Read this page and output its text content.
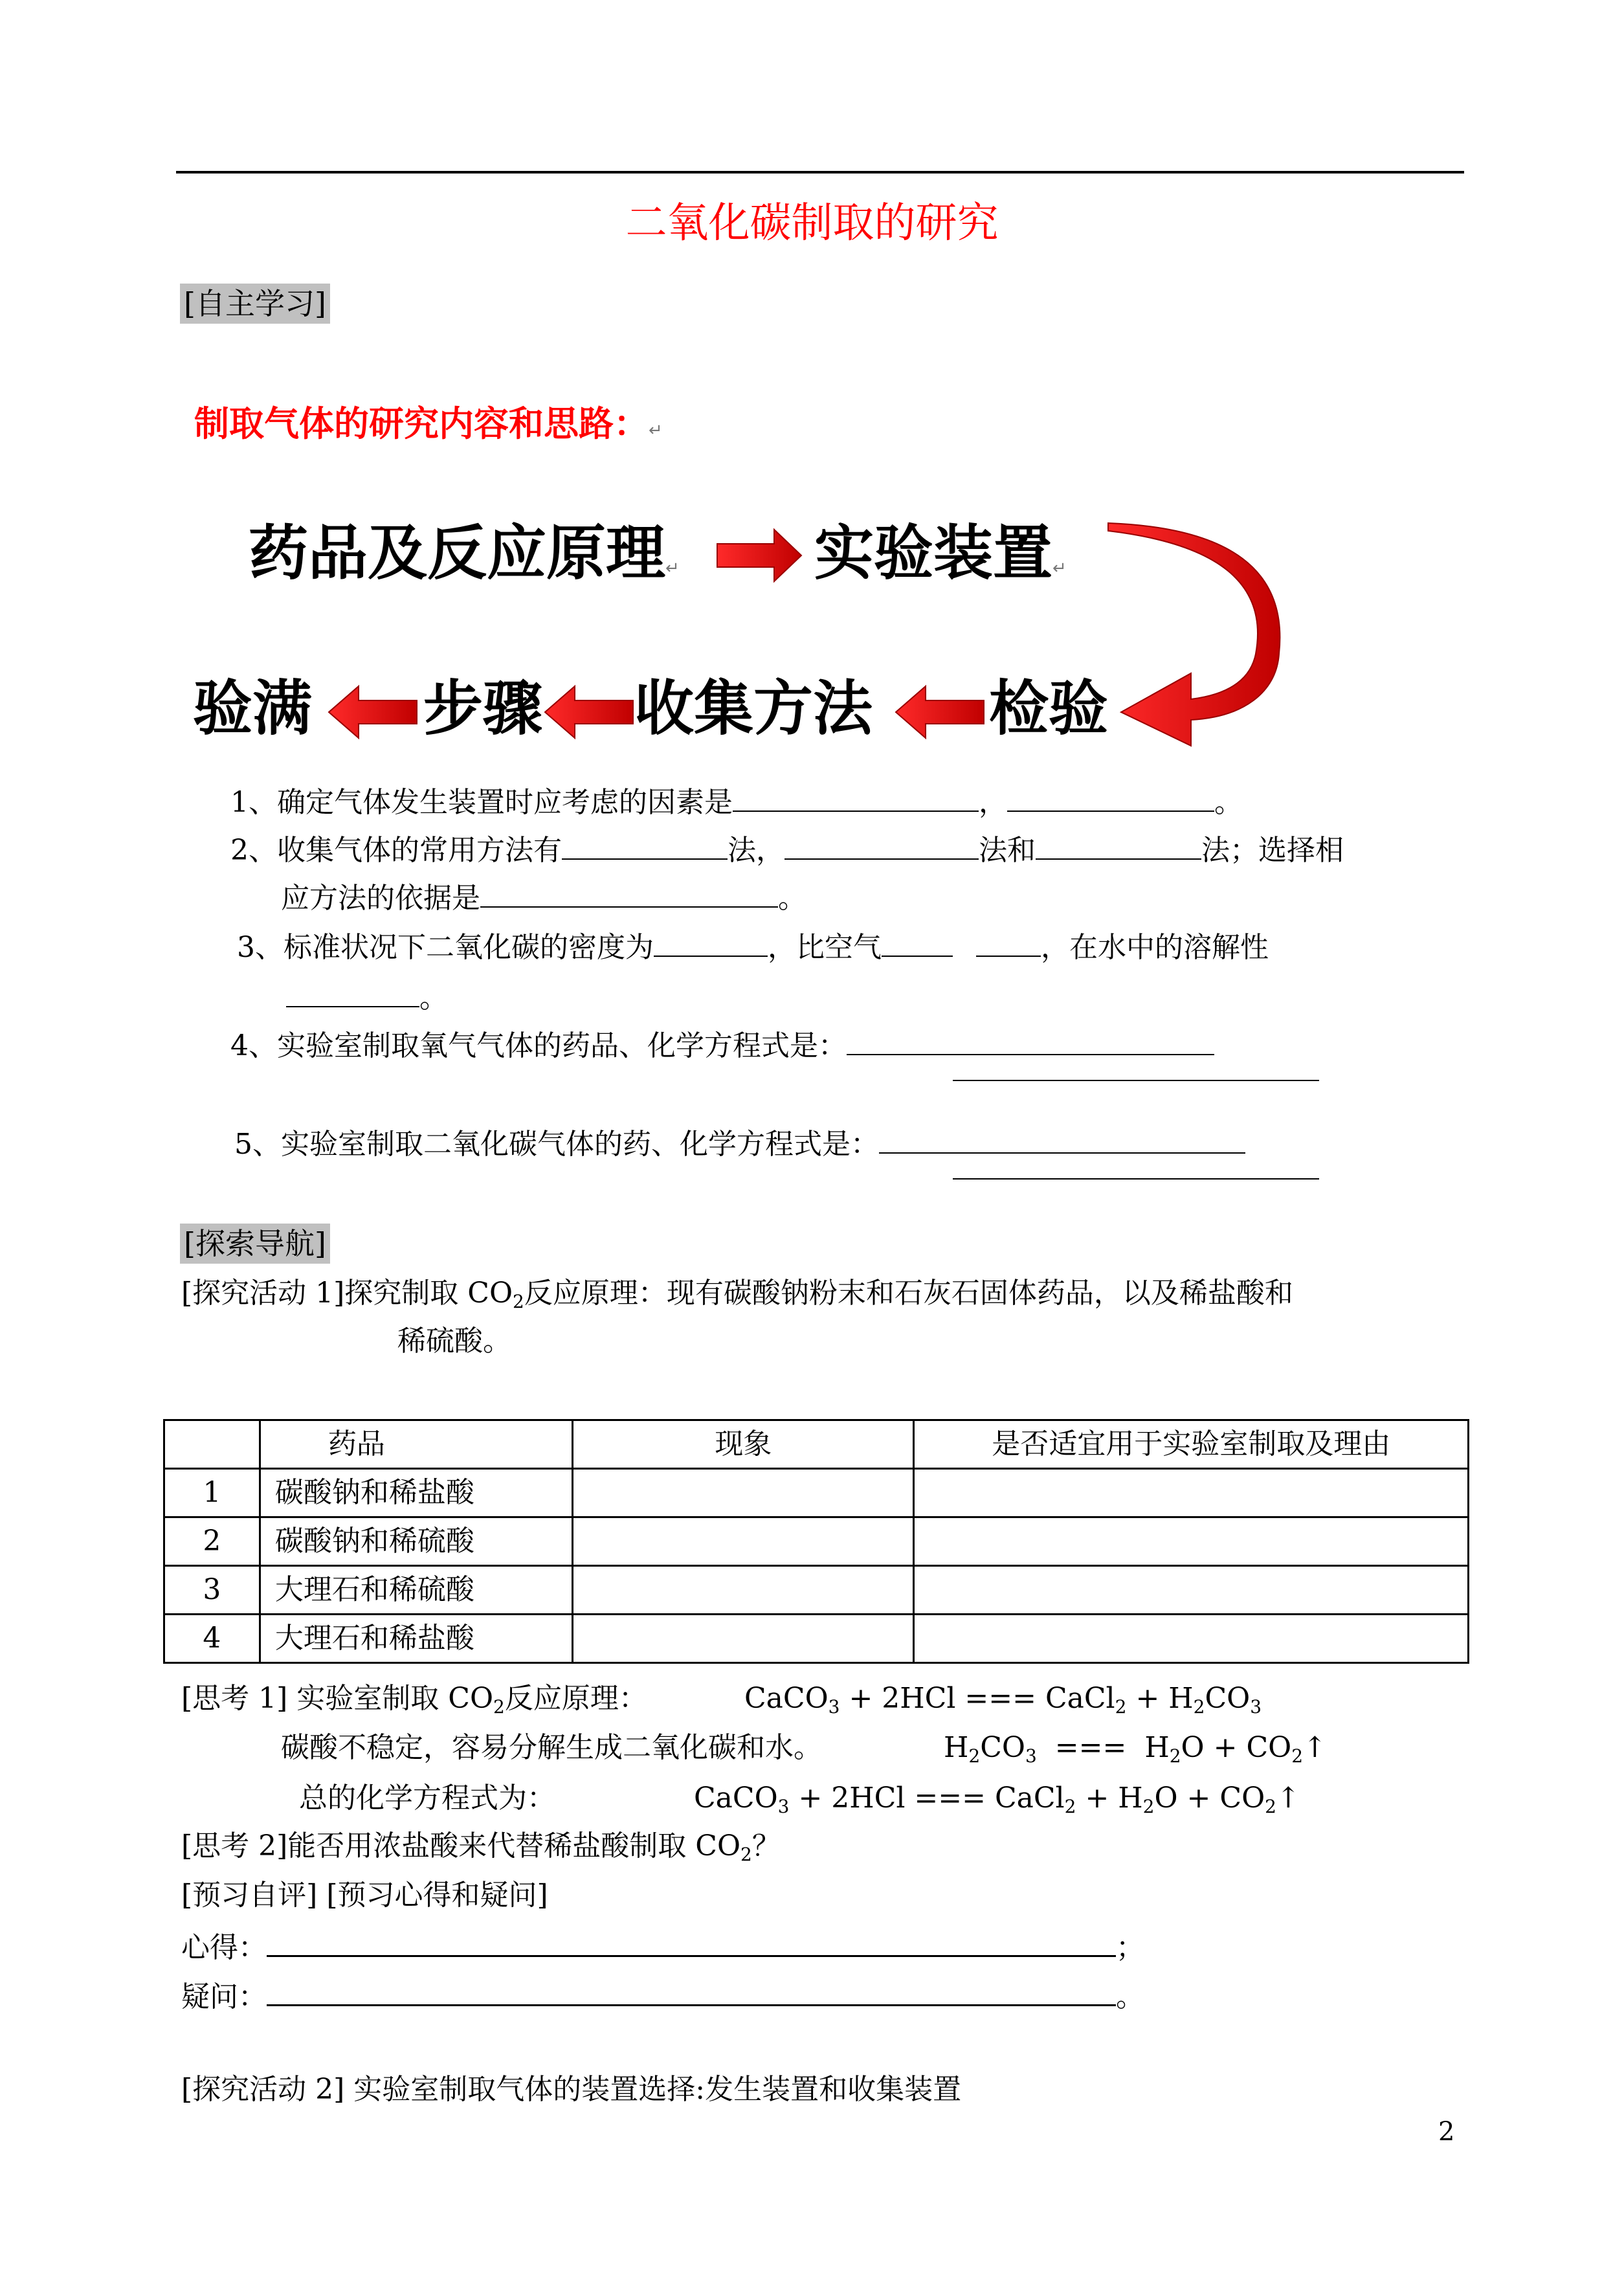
二氧化碳制取的研究
[自主学习]
制取气体的研究内容和思路：↵
药品及反应原理↵ 实验装置↵
验满 步骤 收集方法 检验
1、确定气体发生装置时应考虑的因素是	，	。
2、收集气体的常用方法有	法，	法和	法；选择相
应方法的依据是	。
3、标准状况下二氧化碳的密度为	，比空气	，在水中的溶解性
。
4、实验室制取氧气气体的药品、化学方程式是：
5、实验室制取二氧化碳气体的药、化学方程式是：
[探索导航]
[探究活动 1]探究制取 $CO_2$反应原理：现有碳酸钠粉末和石灰石固体药品，以及稀盐酸和
稀硫酸。
	药品	现象	是否适宜用于实验室制取及理由
1	碳酸钠和稀盐酸		
2	碳酸钠和稀硫酸		
3	大理石和稀硫酸		
4	大理石和稀盐酸		
[思考 1] 实验室制取 $CO_2$反应原理：	CaCO$_3$ + 2HCl === CaCl$_2$ + $H_2CO_3$
碳酸不稳定，容易分解生成二氧化碳和水。	$H_2CO_3$  ===  $H_2O$ + $CO_2↑$
总的化学方程式为：	CaCO$_3$ + 2HCl === CaCl$_2$ + $H_2O$ + $CO_2↑$
[思考 2]能否用浓盐酸来代替稀盐酸制取 $CO_2$？
[预习自评] [预习心得和疑问]
心得：	；
疑问：	。
[探究活动 2] 实验室制取气体的装置选择:发生装置和收集装置
2
